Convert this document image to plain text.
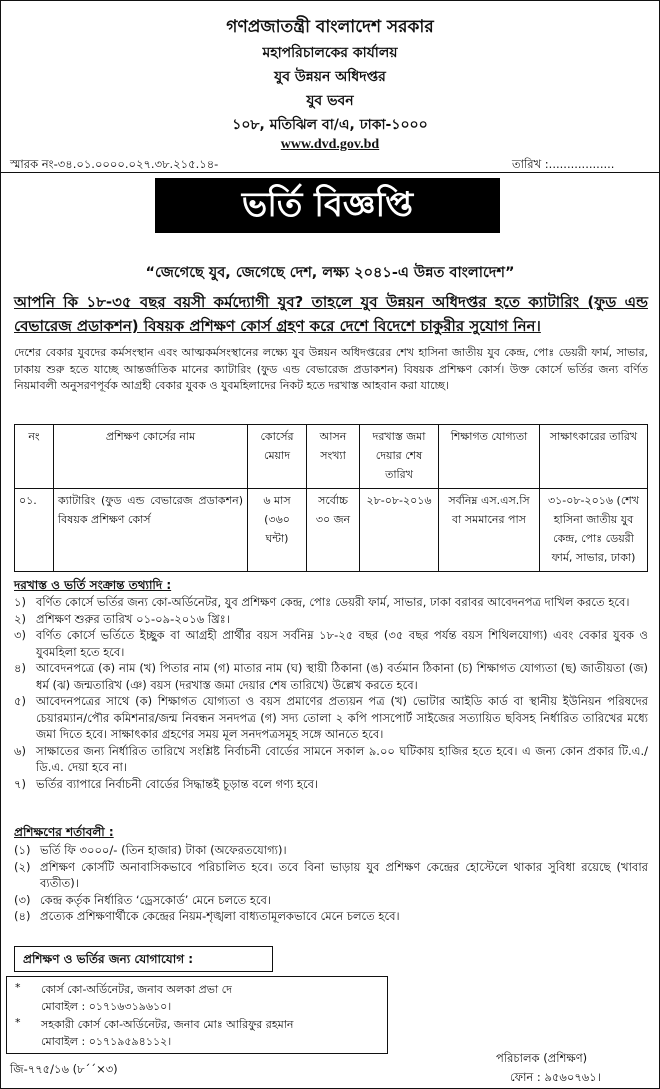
গণপ্রজাতন্ত্রী বাংলাদেশ সরকার
মহাপরিচালকের কার্যালয়
যুব উন্নয়ন অধিদপ্তর
যুব ভবন
১০৮, মতিঝিল বা/এ, ঢাকা-১০০০
www.dvd.gov.bd
স্মারক নং-৩৪.০১.০০০০.০২৭.৩৮.২১৫.১৪-	তারিখ :..................
ভর্তি বিজ্ঞপ্তি
“জেগেছে যুব, জেগেছে দেশ, লক্ষ্য ২০৪১-এ উন্নত বাংলাদেশ”
আপনি কি ১৮-৩৫ বছর বয়সী কর্মদ্যোগী যুব? তাহলে যুব উন্নয়ন অধিদপ্তর হতে ক্যাটারিং (ফুড এন্ড বেভারেজ প্রডাকশন) বিষয়ক প্রশিক্ষণ কোর্স গ্রহণ করে দেশে বিদেশে চাকুরীর সুযোগ নিন।
দেশের বেকার যুবদের কর্মসংস্থান এবং আত্মকর্মসংস্থানের লক্ষ্যে যুব উন্নয়ন অধিদপ্তরের শেখ হাসিনা জাতীয় যুব কেন্দ্র, পোঃ ডেয়রী ফার্ম, সাভার, ঢাকায় শুরু হতে যাচ্ছে আন্তর্জাতিক মানের ক্যাটারিং (ফুড এন্ড বেভারেজ প্রডাকশন) বিষয়ক প্রশিক্ষণ কোর্স। উক্ত কোর্সে ভর্তির জন্য বর্ণিত নিয়মাবলী অনুসরণপূর্বক আগ্রহী বেকার যুবক ও যুবমহিলাদের নিকট হতে দরখাস্ত আহবান করা যাচ্ছে।
নং	প্রশিক্ষণ কোর্সের নাম	কোর্সের মেয়াদ	আসন সংখ্যা	দরখাস্ত জমা দেয়ার শেষ তারিখ	শিক্ষাগত যোগ্যতা	সাক্ষাৎকারের তারিখ
০১.	ক্যাটারিং (ফুড এন্ড বেভারেজ প্রডাকশন) বিষয়ক প্রশিক্ষণ কোর্স	৬ মাস (৩৬০ ঘন্টা)	সর্বোচ্চ ৩০ জন	২৮-০৮-২০১৬	সর্বনিম্ন এস.এস.সি বা সমমানের পাস	৩১-০৮-২০১৬ (শেখ হাসিনা জাতীয় যুব কেন্দ্র, পোঃ ডেয়রী ফার্ম, সাভার, ঢাকা)
দরখাস্ত ও ভর্তি সংক্রান্ত তথ্যাদি :
১) বর্ণিত কোর্সে ভর্তির জন্য কো-অর্ডিনেটর, যুব প্রশিক্ষণ কেন্দ্র, পোঃ ডেয়রী ফার্ম, সাভার, ঢাকা বরাবর আবেদনপত্র দাখিল করতে হবে।
২) প্রশিক্ষণ শুরুর তারিখ ০১-০৯-২০১৬ খ্রিঃ।
৩) বর্ণিত কোর্সে ভর্তিতে ইচ্ছুক বা আগ্রহী প্রার্থীর বয়স সর্বনিম্ন ১৮-২৫ বছর (৩৫ বছর পর্যন্ত বয়স শিথিলযোগ্য) এবং বেকার যুবক ও যুবমহিলা হতে হবে।
৪) আবেদনপত্রে (ক) নাম (খ) পিতার নাম (গ) মাতার নাম (ঘ) স্থায়ী ঠিকানা (ঙ) বর্তমান ঠিকানা (চ) শিক্ষাগত যোগ্যতা (ছ) জাতীয়তা (জ) ধর্ম (ঝ) জন্মতারিখ (ঞ) বয়স (দরখাস্ত জমা দেয়ার শেষ তারিখে) উল্লেখ করতে হবে।
৫) আবেদনপত্রের সাথে (ক) শিক্ষাগত যোগ্যতা ও বয়স প্রমাণের প্রত্যয়ন পত্র (খ) ভোটার আইডি কার্ড বা স্থানীয় ইউনিয়ন পরিষদের চেয়ারম্যান/পৌর কমিশনার/জন্ম নিবন্ধন সনদপত্র (গ) সদ্য তোলা ২ কপি পাসপোর্ট সাইজের সত্যায়িত ছবিসহ নির্ধারিত তারিখের মধ্যে জমা দিতে হবে। সাক্ষাৎকার গ্রহণের সময় মূল সনদপত্রসমূহ সঙ্গে আনতে হবে।
৬) সাক্ষাতের জন্য নির্ধারিত তারিখে সংশ্লিষ্ট নির্বাচনী বোর্ডের সামনে সকাল ৯.০০ ঘটিকায় হাজির হতে হবে। এ জন্য কোন প্রকার টি.এ./ডি.এ. দেয়া হবে না।
৭) ভর্তির ব্যাপারে নির্বাচনী বোর্ডের সিদ্ধান্তই চূড়ান্ত বলে গণ্য হবে।
প্রশিক্ষণের শর্তাবলী :
(১) ভর্তি ফি ৩০০০/- (তিন হাজার) টাকা (অফেরতযোগ্য)।
(২) প্রশিক্ষণ কোর্সটি অনাবাসিকভাবে পরিচালিত হবে। তবে বিনা ভাড়ায় যুব প্রশিক্ষণ কেন্দ্রের হোস্টেলে থাকার সুবিধা রয়েছে (খাবার ব্যতীত)।
(৩) কেন্দ্র কর্তৃক নির্ধারিত ‘ড্রেসকোর্ড’ মেনে চলতে হবে।
(৪) প্রত্যেক প্রশিক্ষণার্থীকে কেন্দ্রের নিয়ম-শৃঙ্খলা বাধ্যতামূলকভাবে মেনে চলতে হবে।
প্রশিক্ষণ ও ভর্তির জন্য যোগাযোগ :
* কোর্স কো-অর্ডিনেটর, জনাব অলকা প্রভা দে
মোবাইল : ০১৭১৬৩১৯৬১০।
* সহকারী কোর্স কো-অর্ডিনেটর, জনাব মোঃ আরিফুর রহমান
মোবাইল : ০১৭১৯৫৯৪১১২।
পরিচালক (প্রশিক্ষণ)
ফোন : ৯৫৬০৭৬১।
জি-৭৭৫/১৬ (৮´´×৩)
